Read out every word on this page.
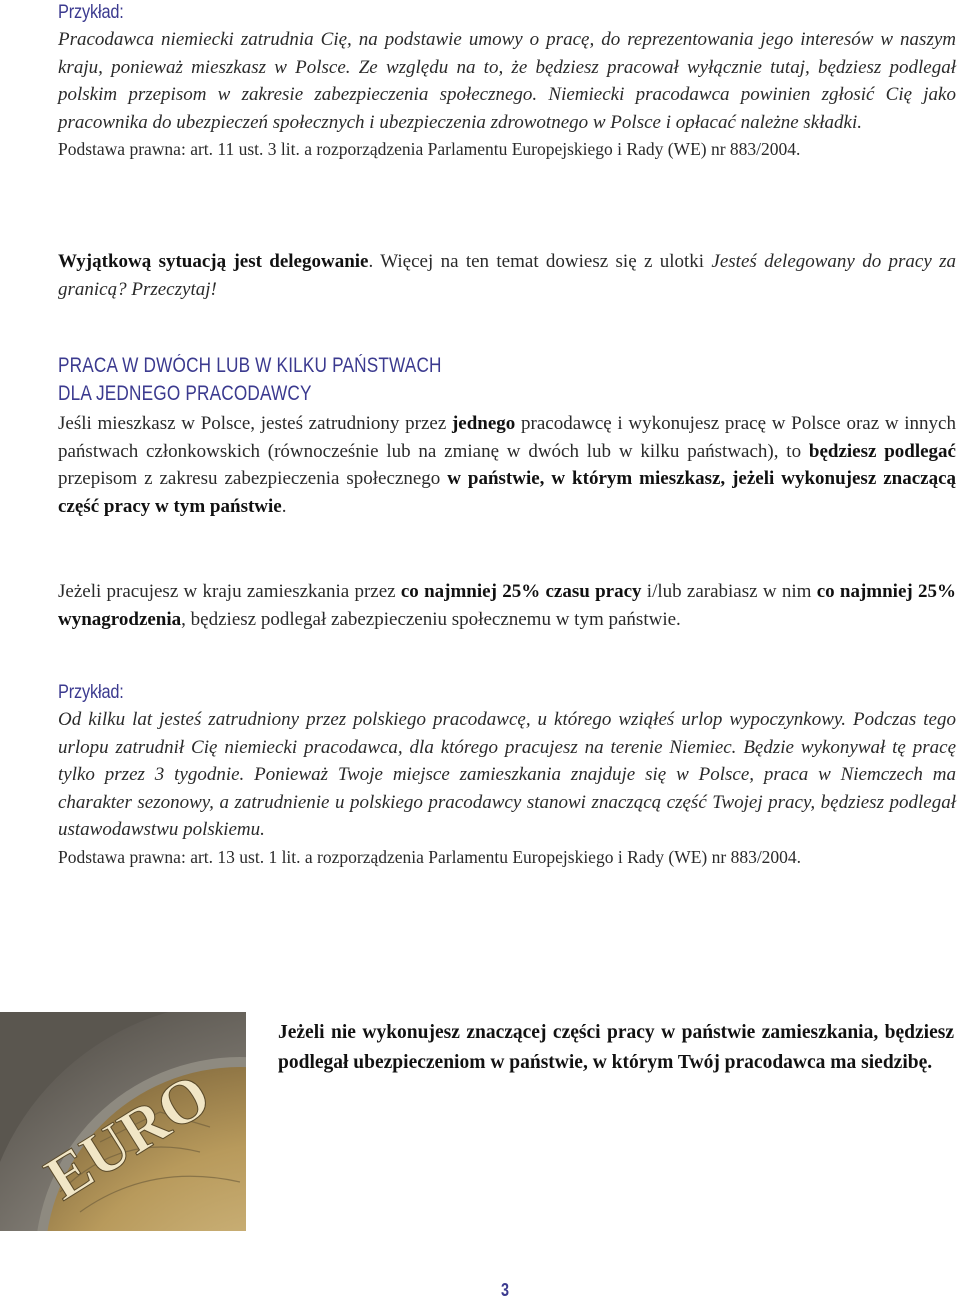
Przykład:

Pracodawca niemiecki zatrudnia Cię, na podstawie umowy o pracę, do reprezentowania jego interesów w naszym kraju, ponieważ mieszkasz w Polsce. Ze względu na to, że będziesz pracował wyłącznie tutaj, będziesz podlegał polskim przepisom w zakresie zabezpieczenia społecznego. Niemiecki pracodawca powinien zgłosić Cię jako pracownika do ubezpieczeń społecznych i ubezpieczenia zdrowotnego w Polsce i opłacać należne składki.

Podstawa prawna: art. 11 ust. 3 lit. a rozporządzenia Parlamentu Europejskiego i Rady (WE) nr 883/2004.

Wyjątkową sytuacją jest delegowanie. Więcej na ten temat dowiesz się z ulotki Jesteś delegowany do pracy za granicą? Przeczytaj!

PRACA W DWÓCH LUB W KILKU PAŃSTWACH
DLA JEDNEGO PRACODAWCY

Jeśli mieszkasz w Polsce, jesteś zatrudniony przez jednego pracodawcę i wykonujesz pracę w Polsce oraz w innych państwach członkowskich (równocześnie lub na zmianę w dwóch lub w kilku państwach), to będziesz podlegać przepisom z zakresu zabezpieczenia społecznego w państwie, w którym mieszkasz, jeżeli wykonujesz znaczącą część pracy w tym państwie.

Jeżeli pracujesz w kraju zamieszkania przez co najmniej 25% czasu pracy i/lub zarabiasz w nim co najmniej 25% wynagrodzenia, będziesz podlegał zabezpieczeniu społecznemu w tym państwie.

Przykład:

Od kilku lat jesteś zatrudniony przez polskiego pracodawcę, u którego wziąłeś urlop wypoczynkowy. Podczas tego urlopu zatrudnił Cię niemiecki pracodawca, dla którego pracujesz na terenie Niemiec. Będzie wykonywał tę pracę tylko przez 3 tygodnie. Ponieważ Twoje miejsce zamieszkania znajduje się w Polsce, praca w Niemczech ma charakter sezonowy, a zatrudnienie u polskiego pracodawcy stanowi znaczącą część Twojej pracy, będziesz podlegał ustawodawstwu polskiemu.

Podstawa prawna: art. 13 ust. 1 lit. a rozporządzenia Parlamentu Europejskiego i Rady (WE) nr 883/2004.

EURO
Jeżeli nie wykonujesz znaczącej części pracy w państwie zamieszkania, będziesz podlegał ubezpieczeniom w państwie, w którym Twój pracodawca ma siedzibę.
3
